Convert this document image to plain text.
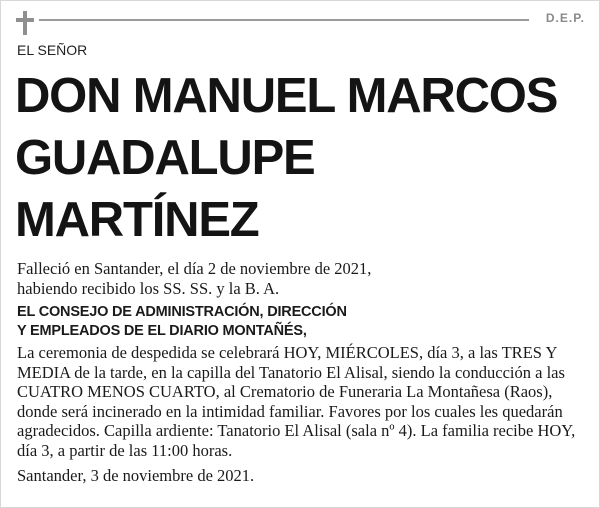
D.E.P.
EL SEÑOR
DON MANUEL MARCOS
GUADALUPE
MARTÍNEZ

Falleció en Santander, el día 2 de noviembre de 2021,

habiendo recibido los SS. SS. y la B. A.

EL CONSEJO DE ADMINISTRACIÓN, DIRECCIÓN
Y EMPLEADOS DE EL DIARIO MONTAÑÉS,

La ceremonia de despedida se celebrará HOY, MIÉRCOLES, día 3, a las TRES Y MEDIA de la tarde, en la capilla del Tanatorio El Alisal, siendo la conducción a las CUATRO MENOS CUARTO, al Crematorio de Funeraria La Montañesa (Raos), donde será incinerado en la intimidad familiar. Favores por los cuales les quedarán agradecidos. Capilla ardiente: Tanatorio El Alisal (sala nº 4). La familia recibe HOY, día 3, a partir de las 11:00 horas.

Santander, 3 de noviembre de 2021.
